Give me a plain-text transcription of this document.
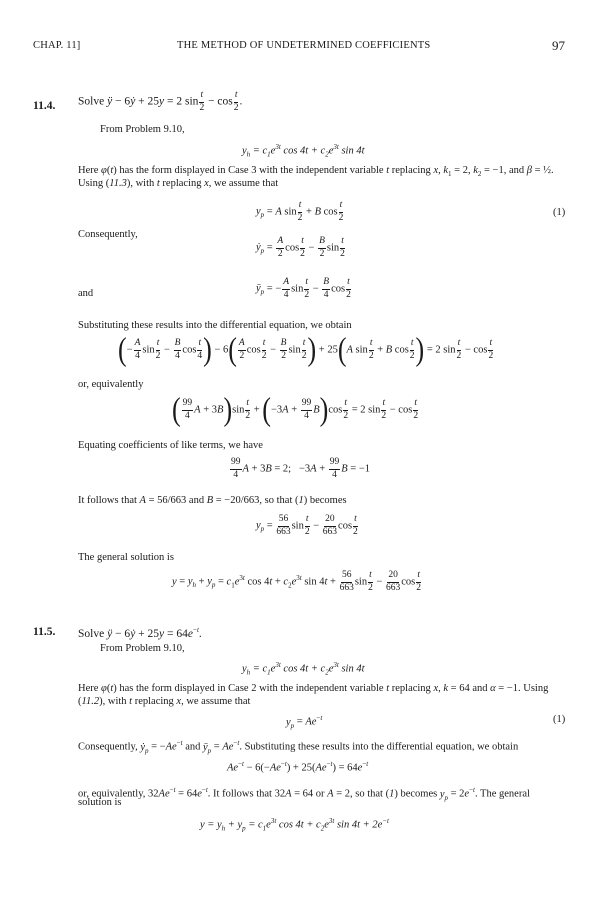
CHAP. 11]	THE METHOD OF UNDETERMINED COEFFICIENTS	97
11.4. Solve ÿ − 6ẏ + 25y = 2 $\sin \frac{t}{2} - \cos \frac{t}{2}$ .
From Problem 9.10,
$y_h = c_1e^{3t}$ $\cos 4t + c_2e^{3t}$ sin 4t
Here φ(t) has the form displayed in Case 3 with the independent variable t replacing x, $k_1 = 2$, $k_2 = -1$, and β = ½.
Using (11.3), with t replacing x, we assume that
$y_p = A$ $\sin \frac{t}{2} + B$ $\cos \frac{t}{2}$	(1)
Consequently,
ẏ$_p$ = $\frac{A}{2}$ $\cos \frac{t}{2} - \frac{B}{2}$ $\sin \frac{t}{2}$
and	$ÿ_p$ = − $\frac{A}{4}$ $\sin \frac{t}{2} - \frac{B}{4}$ $\cos \frac{t}{2}$
Substituting these results into the differential equation, we obtain
(− $\frac{A}{4}$ $\sin \frac{t}{2} - \frac{B}{4}$ $\cos \frac{t}{4}$ ) − $6( \frac{A}{2}$ $\cos \frac{t}{2} - \frac{B}{2}$ $\sin \frac{t}{2}$ ) + 25(A $\sin \frac{t}{2} + B$ $\cos \frac{t}{2}$ ) = 2 $\sin \frac{t}{2} - \cos \frac{t}{2}$
or, equivalently
( $\frac{99}{4}$ $A + 3B)\sin \frac{t}{2} + (-3A + \frac{99}{4} B)\cos \frac{t}{2} = 2$ $\sin \frac{t}{2} - \cos \frac{t}{2}$
Equating coefficients of like terms, we have
$\frac{99}{4}$ A + 3B = 2;   $-3A + \frac{99}{4}$ B = −1
It follows that A = 56/663 and B = −20/663, so that (1) becomes
$y_p = \frac{56}{663}$ $\sin \frac{t}{2} - \frac{20}{663}$ $\cos \frac{t}{2}$
The general solution is
$y = y_h + y_p = c_1e^{3t}$ $\cos 4t + c_2e^{3t}$ $\sin 4t + \frac{56}{663}$ $\sin \frac{t}{2} - \frac{20}{663}$ $\cos \frac{t}{2}$
11.5. Solve ÿ − 6ẏ + $25y = 64e^{-t}$.
From Problem 9.10,
$y_h = c_1e^{3t}$ $\cos 4t + c_2e^{3t}$ sin 4t
Here φ(t) has the form displayed in Case 2 with the independent variable t replacing x, k = 64 and α = −1. Using
(11.2), with t replacing x, we assume that
$y_p = Ae^{-t}$	(1)
Consequently, ẏ$_p$ = $-Ae^{-t}$ and $ÿ_p = Ae^{-t}$. Substituting these results into the differential equation, we obtain
$Ae^{-t} - 6(-Ae^{-t}) + 25(Ae^{-t}) = 64e^{-t}$
or, equivalently, $32Ae^{-t} = 64e^{-t}$. It follows that 32A = 64 or A = 2, so that (1) becomes $y_p = 2e^{-t}$. The general
solution is
$y = y_h + y_p = c_1e^{3t}$ $\cos 4t + c_2e^{3t}$ $\sin 4t + 2e^{-t}$
